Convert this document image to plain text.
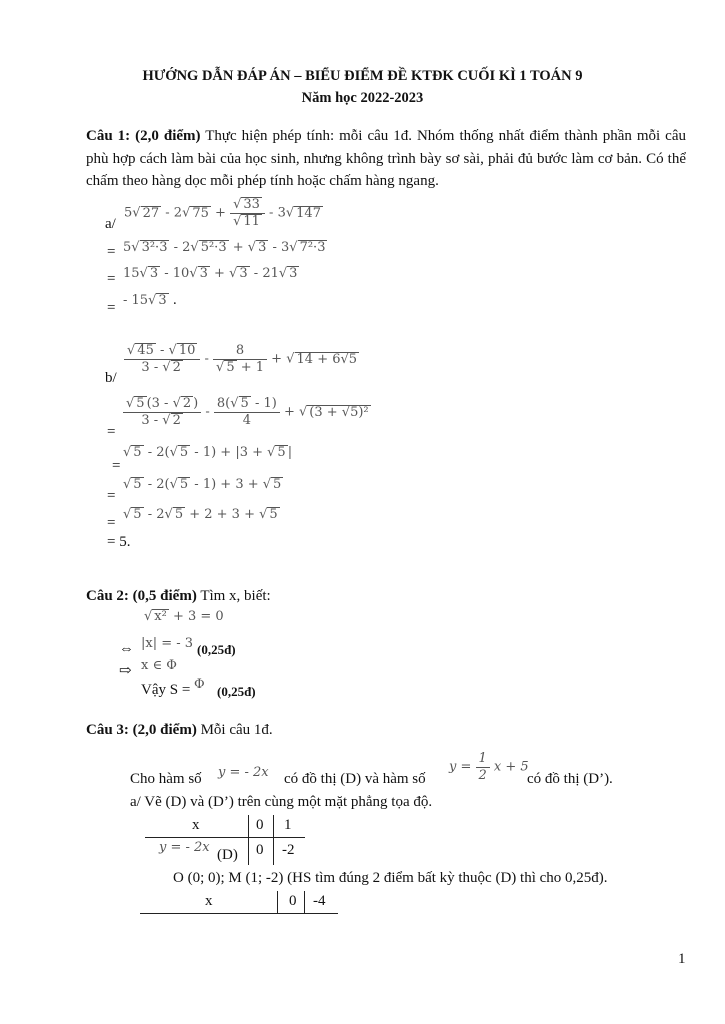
HƯỚNG DẪN ĐÁP ÁN – BIỂU ĐIỂM ĐỀ KTĐK CUỐI KÌ 1 TOÁN 9
Năm học 2022-2023
Câu 1: (2,0 điểm) Thực hiện phép tính: mỗi câu 1đ. Nhóm thống nhất điểm thành phần mỗi câu phù hợp cách làm bài của học sinh, nhưng không trình bày sơ sài, phải đủ bước làm cơ bản. Có thể chấm theo hàng dọc mỗi phép tính hoặc chấm hàng ngang.
5√ 27 - 2√ $75 + \frac{√ 33}{√ 11} - 3√$ 147
a/
= 5√ 3²·3 - 2√ 5²·3 + √ 3 - 3√ 7²·3
= 15√ 3 - 10√ 3 + √ 3 - 21√ 3
= - 15√ 3 .
$\frac{√ 45 - √ 10}{3 - √ 2} - \frac{8}{√ 5 + 1}$ + √ 14 + 6√5
b/
=
$\frac{√ 5 (3 - √ 2 )}{3 - √ 2} - \frac{8(√ 5 - 1)}{4}$ + √ (3 + √5)²
=
√ 5 - 2(√ 5 - 1) + |3 + √ 5 |
=
√ 5 - 2(√ 5 - 1) + 3 + √ 5
=
√ 5 - 2√ 5 + 2 + 3 + √ 5
= 5.
Câu 2: (0,5 điểm) Tìm x, biết:
√ x² + 3 = 0
⇔ |x| = - 3 (0,25đ)
⇨ x ∈ Φ
Vậy S = Φ (0,25đ)
Câu 3: (2,0 điểm) Mỗi câu 1đ.
Cho hàm số y = - 2x có đồ thị (D) và hàm số
$y = \frac{1}{2}$ x + 5
có đồ thị (D’).
a/ Vẽ (D) và (D’) trên cùng một mặt phẳng tọa độ.
x	0 1
y = - 2x (D) 0 -2
O (0; 0); M (1; -2) (HS tìm đúng 2 điểm bất kỳ thuộc (D) thì cho 0,25đ).
x	0 -4
1
